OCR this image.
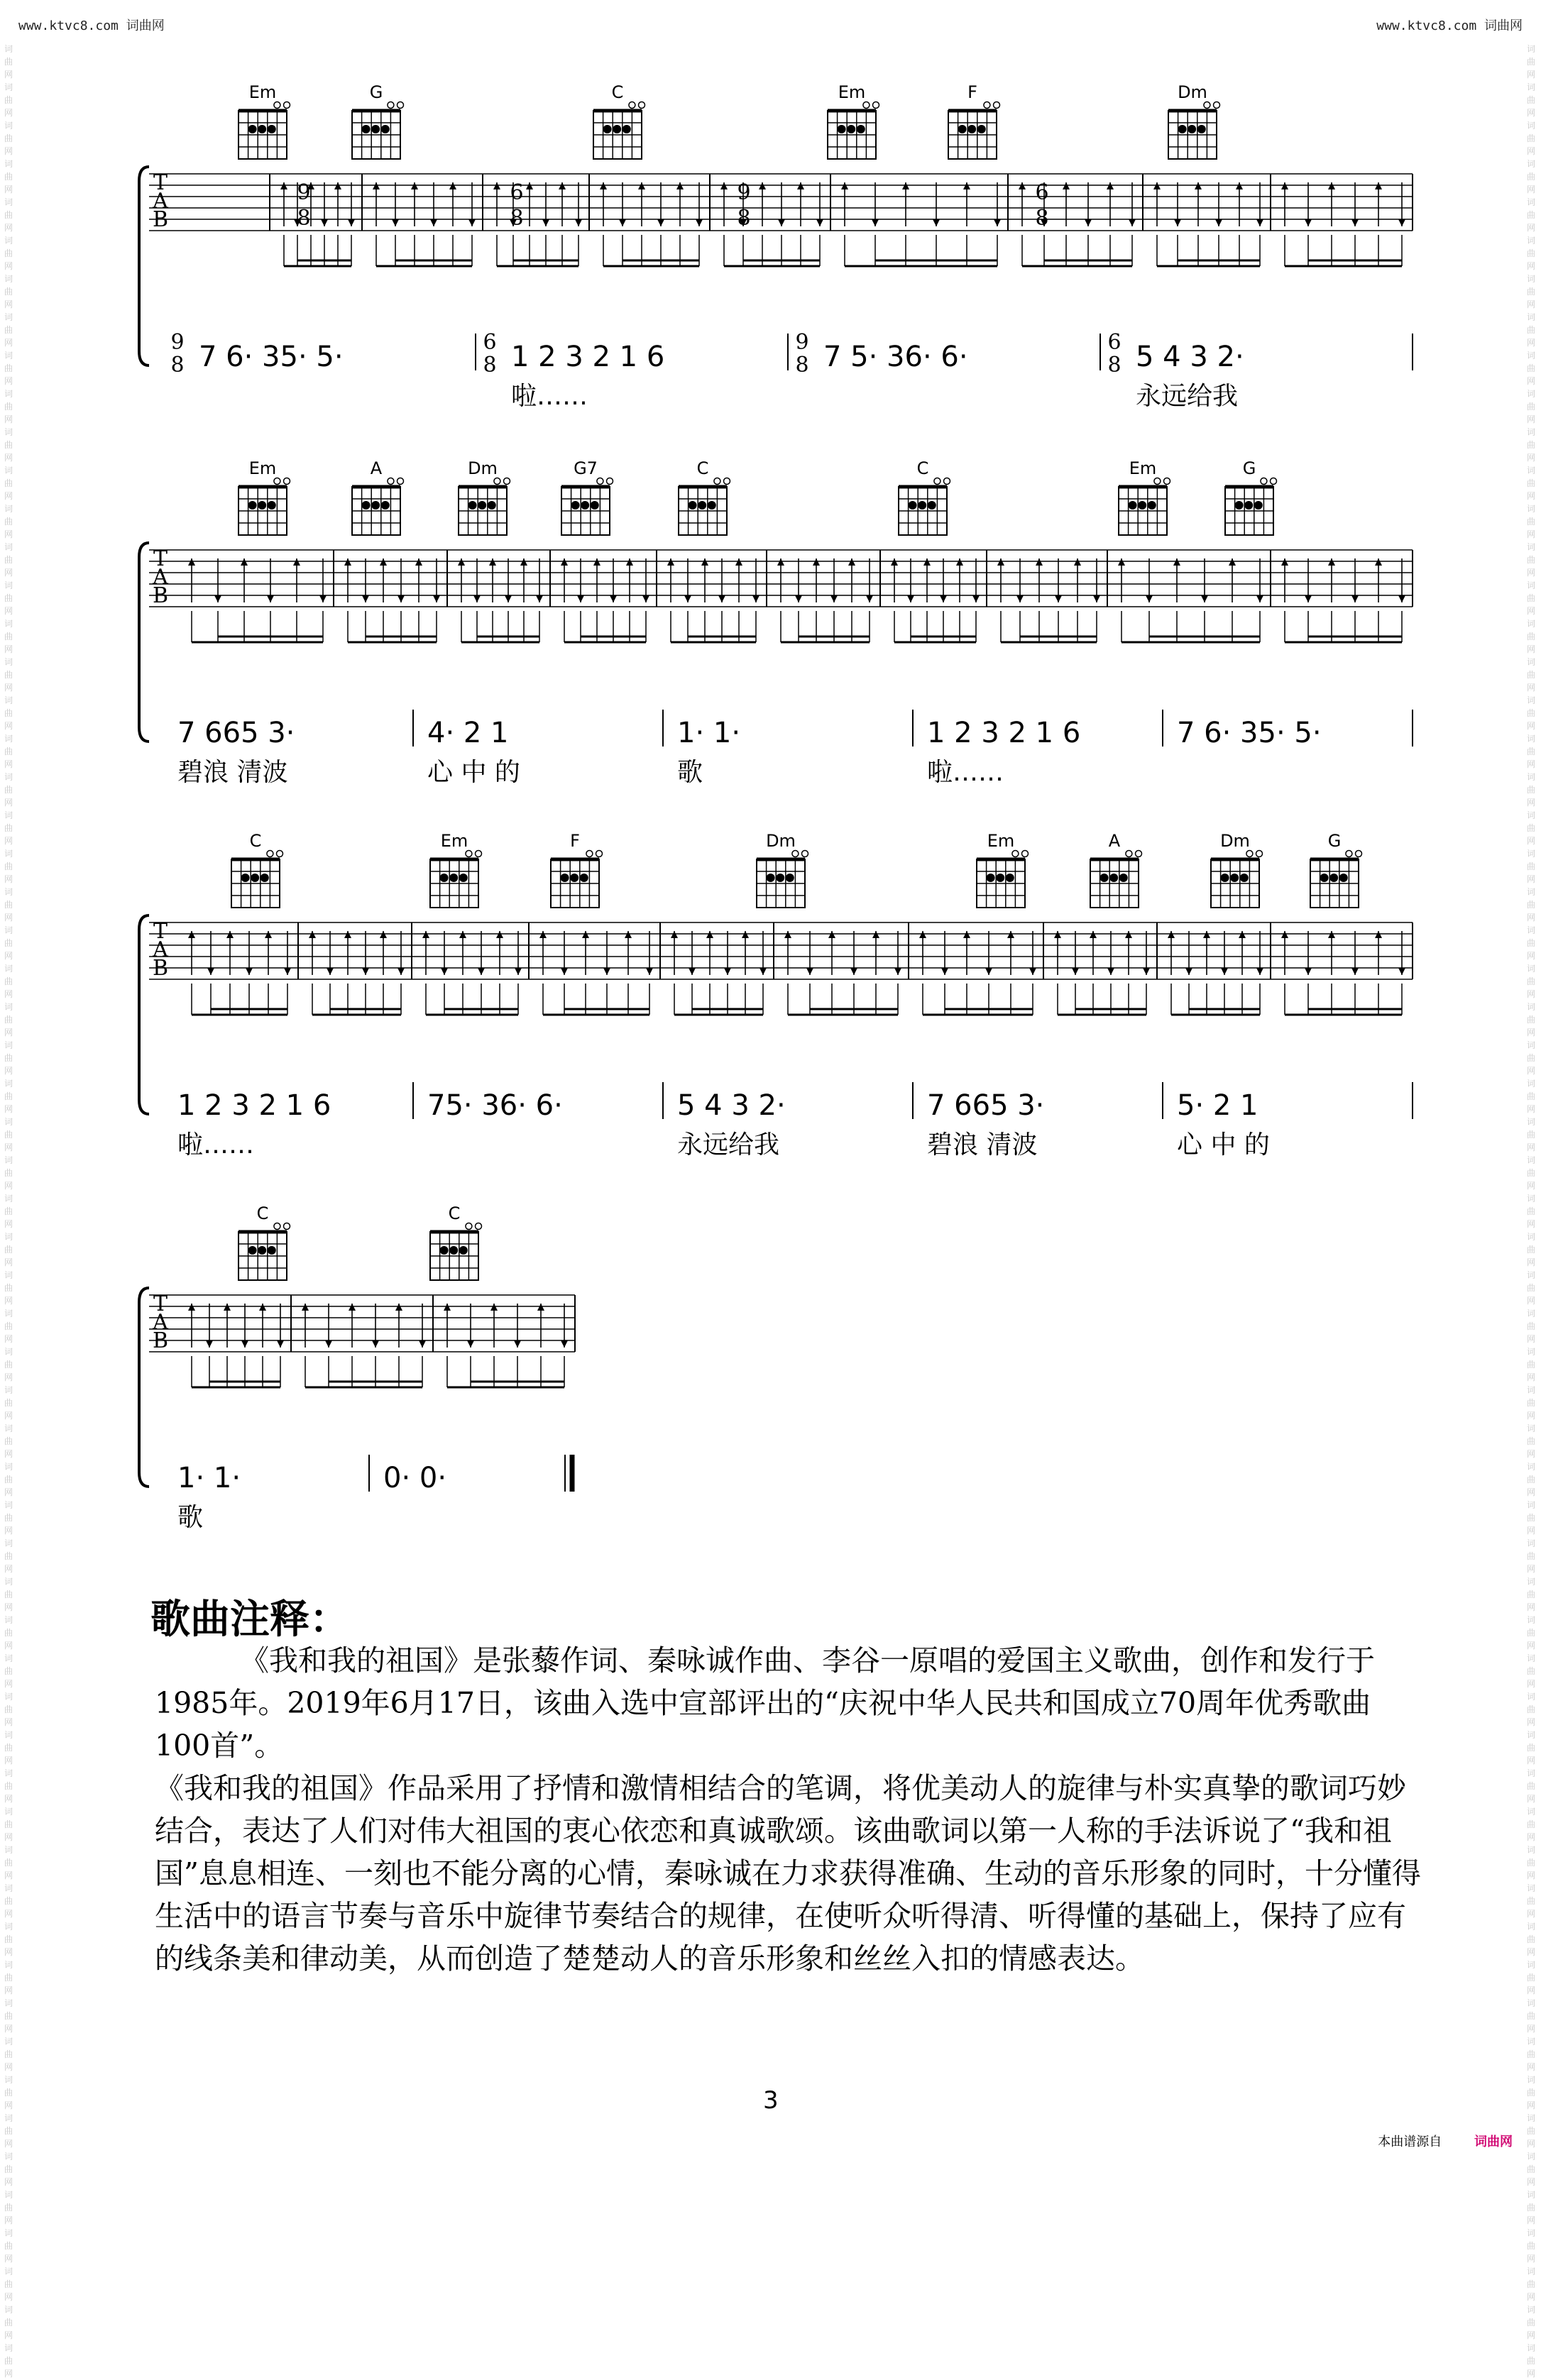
www.ktvc8.com 词曲网	www.ktvc8.com 词曲网
词曲网词曲网词曲网词曲网词曲网词曲网词曲网词曲网词曲网词曲网词曲网词曲网词曲网词曲网词曲网词曲网词曲网词曲网词曲网词曲网词曲网词曲网词曲网词曲网词曲网词曲网词曲网词曲网词曲网词曲网词曲网词曲网词曲网词曲网词曲网词曲网词曲网词曲网词曲网词曲网词曲网词曲网词曲网词曲网词曲网词曲网词曲网词曲网词曲网词曲网词曲网词曲网词曲网词曲网词曲网词曲网词曲网词曲网词曲网词曲网词曲网
词曲网词曲网词曲网词曲网词曲网词曲网词曲网词曲网词曲网词曲网词曲网词曲网词曲网词曲网词曲网词曲网词曲网词曲网词曲网词曲网词曲网词曲网词曲网词曲网词曲网词曲网词曲网词曲网词曲网词曲网词曲网词曲网词曲网词曲网词曲网词曲网词曲网词曲网词曲网词曲网词曲网词曲网词曲网词曲网词曲网词曲网词曲网词曲网词曲网词曲网词曲网词曲网词曲网词曲网词曲网词曲网词曲网词曲网词曲网词曲网词曲网
Em	G	C	Em	F	Dm
T
A
B
9
8
6
8
9
8
6
8
9
8 7 6· 35· 5·	6
8 1 2 3 2 1 6
啦……
9
8 7 5· 36· 6·	6
8 5 4 3 2·
永远给我
Em	A	Dm	G7	C	C	Em	G
T
A
B
7 665 3·
碧浪 清波
4· 2 1
心 中 的
1· 1·
歌
1 2 3 2 1 6
啦……
7 6· 35· 5·
C	Em	F	Dm	Em	A	Dm	G
T
A
B
1 2 3 2 1 6
啦……
75· 36· 6·	5 4 3 2·
永远给我
7 665 3·
碧浪 清波
5· 2 1
心 中 的
C	C
T
A
B
1· 1·
歌
0· 0·
歌曲注释：

《我和我的祖国》是张藜作词、秦咏诚作曲、李谷一原唱的爱国主义歌曲，创作和发行于1985年。2019年6月17日，该曲入选中宣部评出的“庆祝中华人民共和国成立70周年优秀歌曲100首”。

《我和我的祖国》作品采用了抒情和激情相结合的笔调，将优美动人的旋律与朴实真挚的歌词巧妙结合，表达了人们对伟大祖国的衷心依恋和真诚歌颂。该曲歌词以第一人称的手法诉说了“我和祖国”息息相连、一刻也不能分离的心情，秦咏诚在力求获得准确、生动的音乐形象的同时，十分懂得生活中的语言节奏与音乐中旋律节奏结合的规律，在使听众听得清、听得懂的基础上，保持了应有的线条美和律动美，从而创造了楚楚动人的音乐形象和丝丝入扣的情感表达。

3
本曲谱源自	词曲网
